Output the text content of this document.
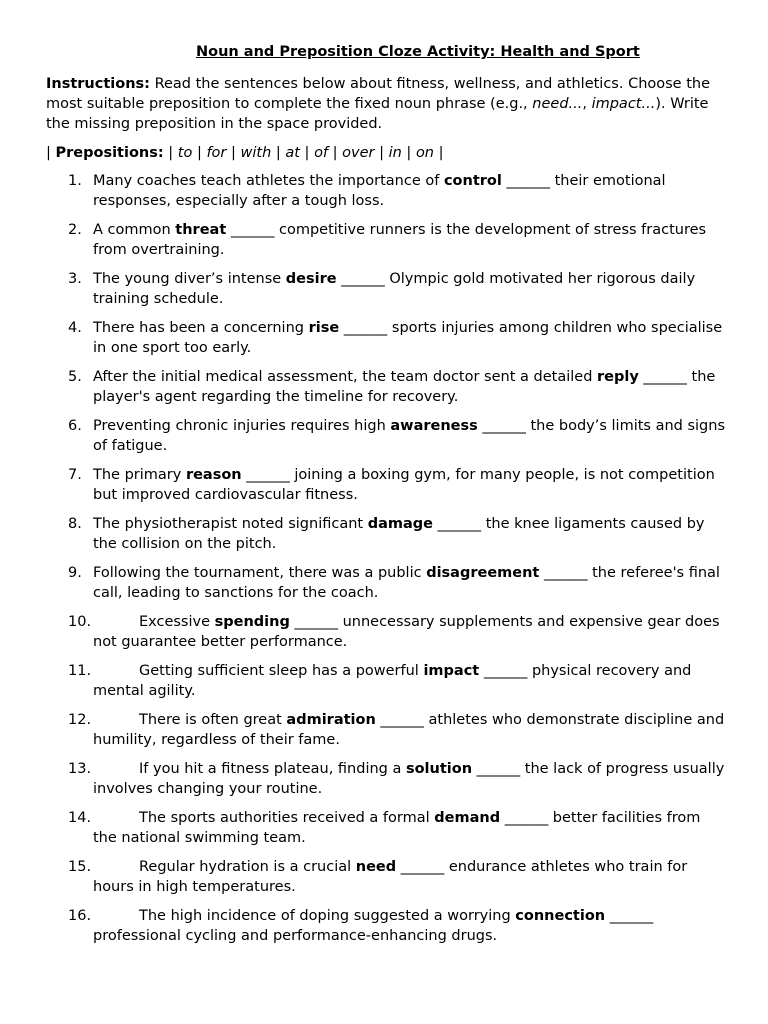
Noun and Preposition Cloze Activity: Health and Sport
Instructions: Read the sentences below about fitness, wellness, and athletics. Choose the most suitable preposition to complete the fixed noun phrase (e.g., need..., impact...). Write the missing preposition in the space provided.
| Prepositions: | to | for | with | at | of | over | in | on |
1. Many coaches teach athletes the importance of control ______ their emotional responses, especially after a tough loss.
2. A common threat ______ competitive runners is the development of stress fractures from overtraining.
3. The young diver’s intense desire ______ Olympic gold motivated her rigorous daily training schedule.
4. There has been a concerning rise ______ sports injuries among children who specialise in one sport too early.
5. After the initial medical assessment, the team doctor sent a detailed reply ______ the player's agent regarding the timeline for recovery.
6. Preventing chronic injuries requires high awareness ______ the body’s limits and signs of fatigue.
7. The primary reason ______ joining a boxing gym, for many people, is not competition but improved cardiovascular fitness.
8. The physiotherapist noted significant damage ______ the knee ligaments caused by the collision on the pitch.
9. Following the tournament, there was a public disagreement ______ the referee's final call, leading to sanctions for the coach.
10.	Excessive spending ______ unnecessary supplements and expensive gear does not guarantee better performance.
11.	Getting sufficient sleep has a powerful impact ______ physical recovery and mental agility.
12.	There is often great admiration ______ athletes who demonstrate discipline and humility, regardless of their fame.
13.	If you hit a fitness plateau, finding a solution ______ the lack of progress usually involves changing your routine.
14.	The sports authorities received a formal demand ______ better facilities from the national swimming team.
15.	Regular hydration is a crucial need ______ endurance athletes who train for hours in high temperatures.
16.	The high incidence of doping suggested a worrying connection ______ professional cycling and performance-enhancing drugs.
